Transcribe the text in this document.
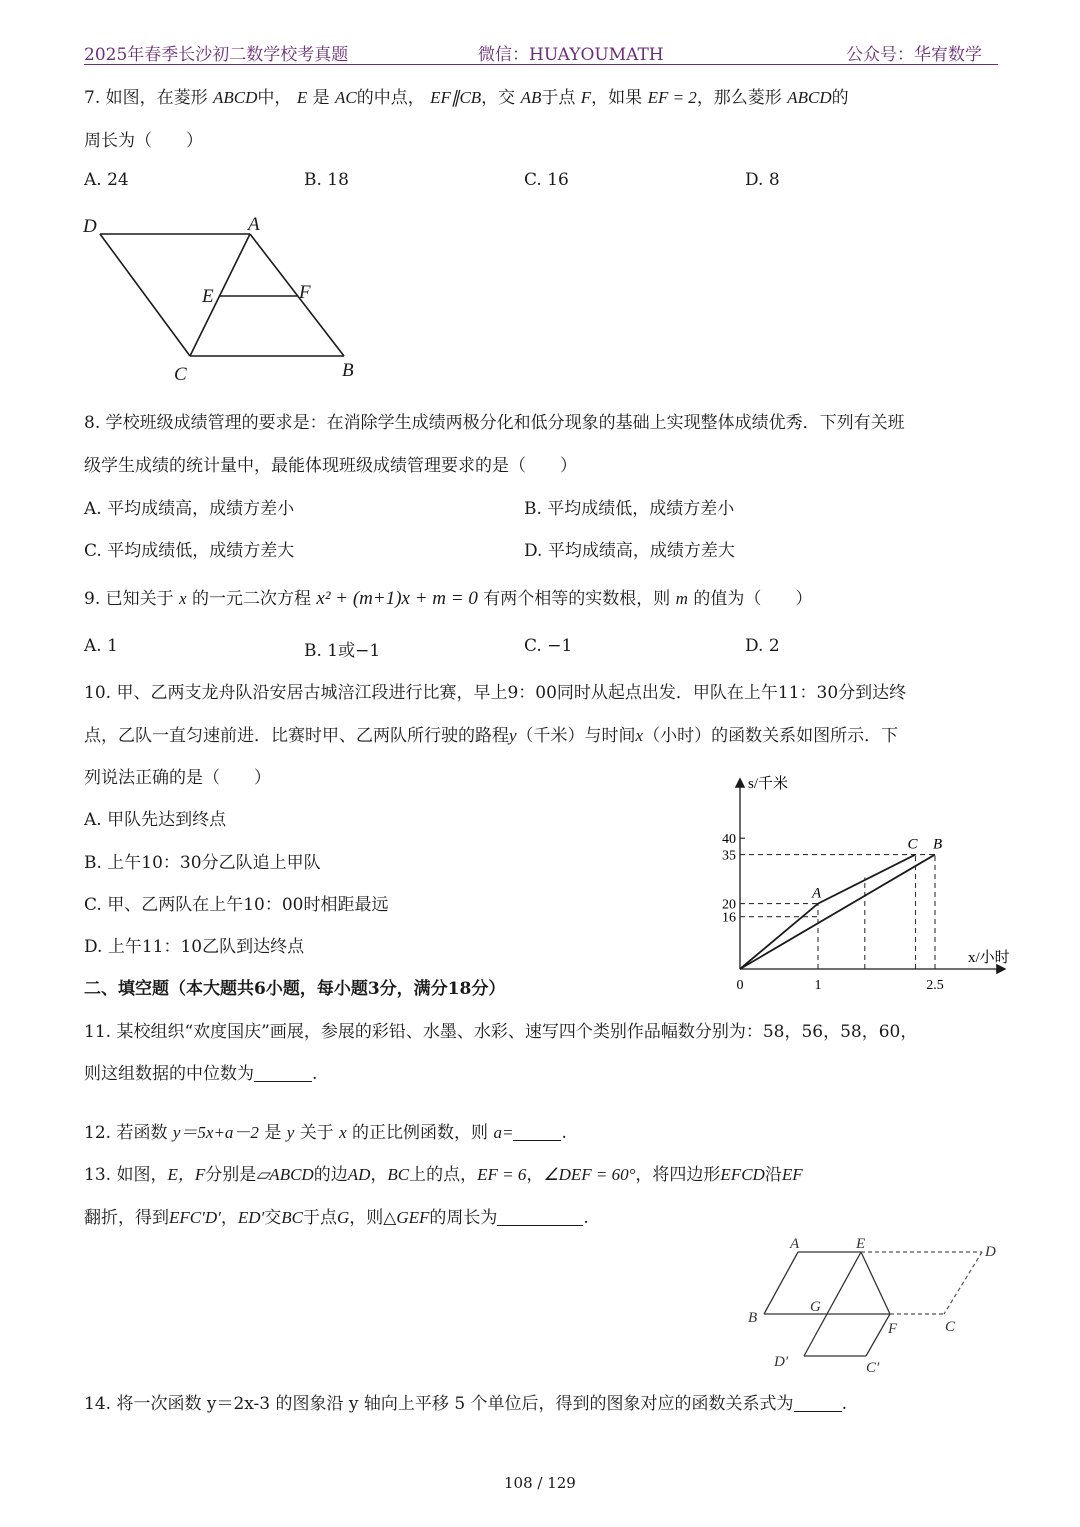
2025年春季长沙初二数学校考真题	微信：HUAYOUMATH	公众号：华宥数学
7. 如图，在菱形 ABCD中， E 是 AC的中点， EF∥CB，交 AB于点 F，如果 EF = 2，那么菱形 ABCD的
周长为（　　）
A. 24	B. 18	C. 16	D. 8
D	A
E	F
C	B
8. 学校班级成绩管理的要求是：在消除学生成绩两极分化和低分现象的基础上实现整体成绩优秀．下列有关班
级学生成绩的统计量中，最能体现班级成绩管理要求的是（　　）
A. 平均成绩高，成绩方差小	B. 平均成绩低，成绩方差小
C. 平均成绩低，成绩方差大	D. 平均成绩高，成绩方差大
9. 已知关于 x 的一元二次方程 x² + (m+1)x + m = 0 有两个相等的实数根，则 m 的值为（　　）
A. 1	B. 1或−1	C. −1	D. 2
10. 甲、乙两支龙舟队沿安居古城涪江段进行比赛，早上9：00同时从起点出发．甲队在上午11：30分到达终
点，乙队一直匀速前进．比赛时甲、乙两队所行驶的路程y（千米）与时间x（小时）的函数关系如图所示．下
列说法正确的是（　　）
A. 甲队先达到终点
B. 上午10：30分乙队追上甲队
C. 甲、乙两队在上午10：00时相距最远
D. 上午11：10乙队到达终点
s/千米
x/小时
16
20
35
40
0	1	2.5
A
C B
二、填空题（本大题共6小题，每小题3分，满分18分）
11. 某校组织“欢度国庆”画展，参展的彩铅、水墨、水彩、速写四个类别作品幅数分别为：58，56，58，60，
则这组数据的中位数为	.
12. 若函数 y＝5x+a－2 是 y 关于 x 的正比例函数，则 a=	.
13. 如图，E，F分别是▱ABCD的边AD，BC上的点，EF = 6，∠DEF = 60°，将四边形EFCD沿EF
翻折，得到EFC′D′，ED′交BC于点G，则△GEF的周长为	.
A	E	D
B
G
F	C
D′	C′
14. 将一次函数 y＝2x-3 的图象沿 y 轴向上平移 5 个单位后，得到的图象对应的函数关系式为	.
108 / 129
